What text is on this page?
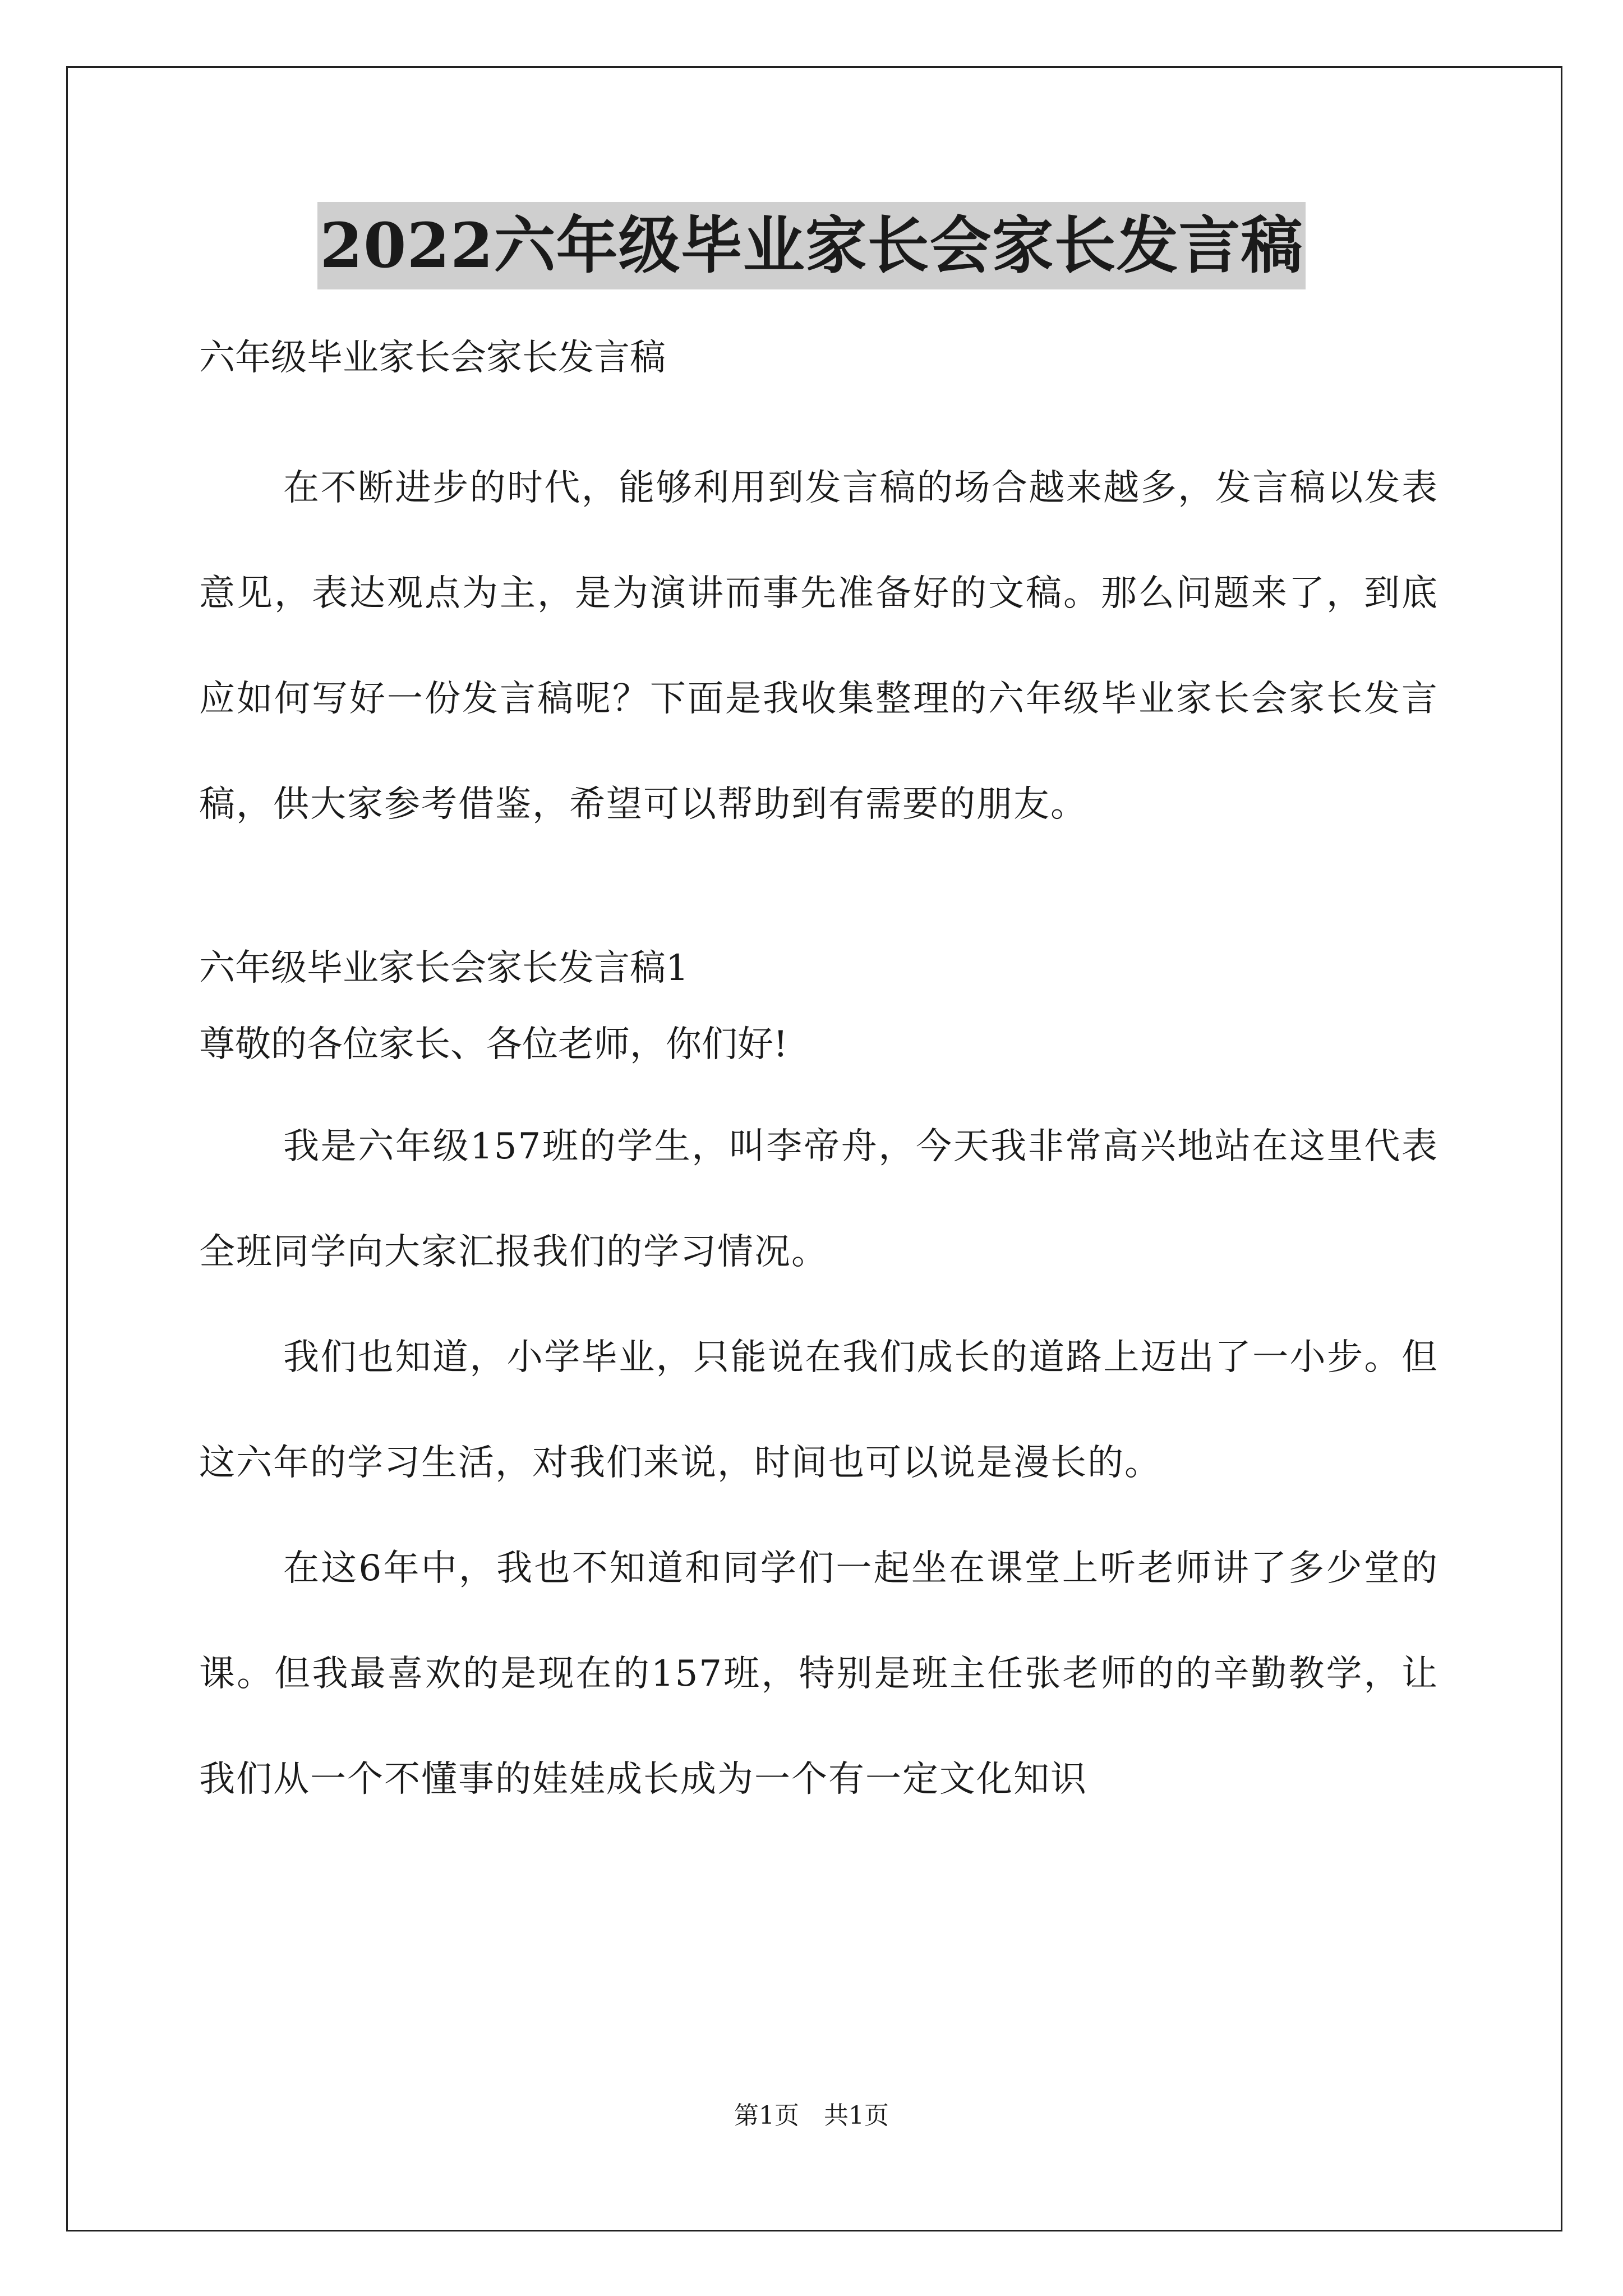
2022六年级毕业家长会家长发言稿
六年级毕业家长会家长发言稿

在不断进步的时代，能够利用到发言稿的场合越来越多，发言稿以发表意见，表达观点为主，是为演讲而事先准备好的文稿。那么问题来了，到底应如何写好一份发言稿呢？下面是我收集整理的六年级毕业家长会家长发言稿，供大家参考借鉴，希望可以帮助到有需要的朋友。

六年级毕业家长会家长发言稿1
尊敬的各位家长、各位老师，你们好!

我是六年级157班的学生，叫李帝舟，今天我非常高兴地站在这里代表全班同学向大家汇报我们的学习情况。

我们也知道，小学毕业，只能说在我们成长的道路上迈出了一小步。但这六年的学习生活，对我们来说，时间也可以说是漫长的。

在这6年中，我也不知道和同学们一起坐在课堂上听老师讲了多少堂的课。但我最喜欢的是现在的157班，特别是班主任张老师的的辛勤教学，让我们从一个不懂事的娃娃成长成为一个有一定文化知识

第1页　共1页
